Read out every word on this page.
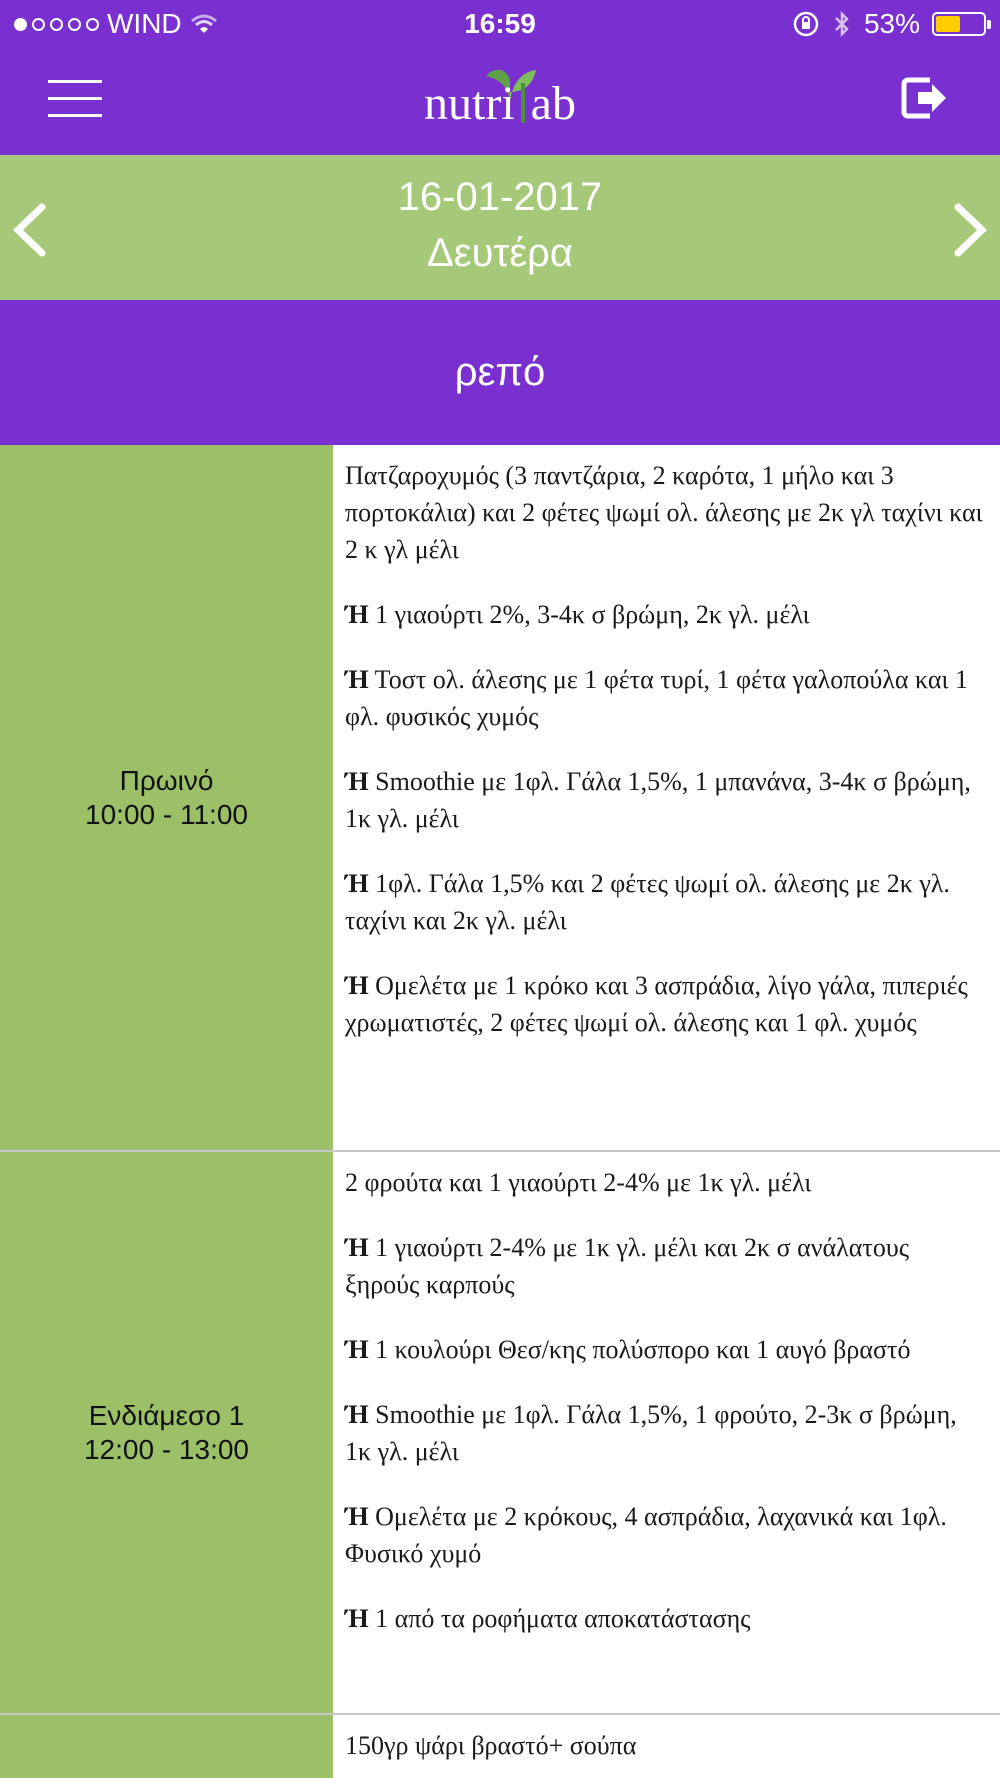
WIND	16:59	53%
nutri ab
16-01-2017
Δευτέρα
ρεπό
Πρωινό
10:00 - 11:00

Πατζαροχυμός (3 παντζάρια, 2 καρότα, 1 μήλο και 3 πορτοκάλια) και 2 φέτες ψωμί ολ. άλεσης με 2κ γλ ταχίνι και 2 κ γλ μέλι

Ή 1 γιαούρτι 2%, 3-4κ σ βρώμη, 2κ γλ. μέλι

Ή Τοστ ολ. άλεσης με 1 φέτα τυρί, 1 φέτα γαλοπούλα και 1 φλ. φυσικός χυμός

Ή Smoothie με 1φλ. Γάλα 1,5%, 1 μπανάνα, 3-4κ σ βρώμη, 1κ γλ. μέλι

Ή 1φλ. Γάλα 1,5% και 2 φέτες ψωμί ολ. άλεσης με 2κ γλ. ταχίνι και 2κ γλ. μέλι

Ή Ομελέτα με 1 κρόκο και 3 ασπράδια, λίγο γάλα, πιπεριές χρωματιστές, 2 φέτες ψωμί ολ. άλεσης και 1 φλ. χυμός

Ενδιάμεσο 1
12:00 - 13:00

2 φρούτα και 1 γιαούρτι 2-4% με 1κ γλ. μέλι

Ή 1 γιαούρτι 2-4% με 1κ γλ. μέλι και 2κ σ ανάλατους ξηρούς καρπούς

Ή 1 κουλούρι Θεσ/κης πολύσπορο και 1 αυγό βραστό

Ή Smoothie με 1φλ. Γάλα 1,5%, 1 φρούτο, 2-3κ σ βρώμη, 1κ γλ. μέλι

Ή Ομελέτα με 2 κρόκους, 4 ασπράδια, λαχανικά και 1φλ. Φυσικό χυμό

Ή 1 από τα ροφήματα αποκατάστασης

150γρ ψάρι βραστό+ σούπα
